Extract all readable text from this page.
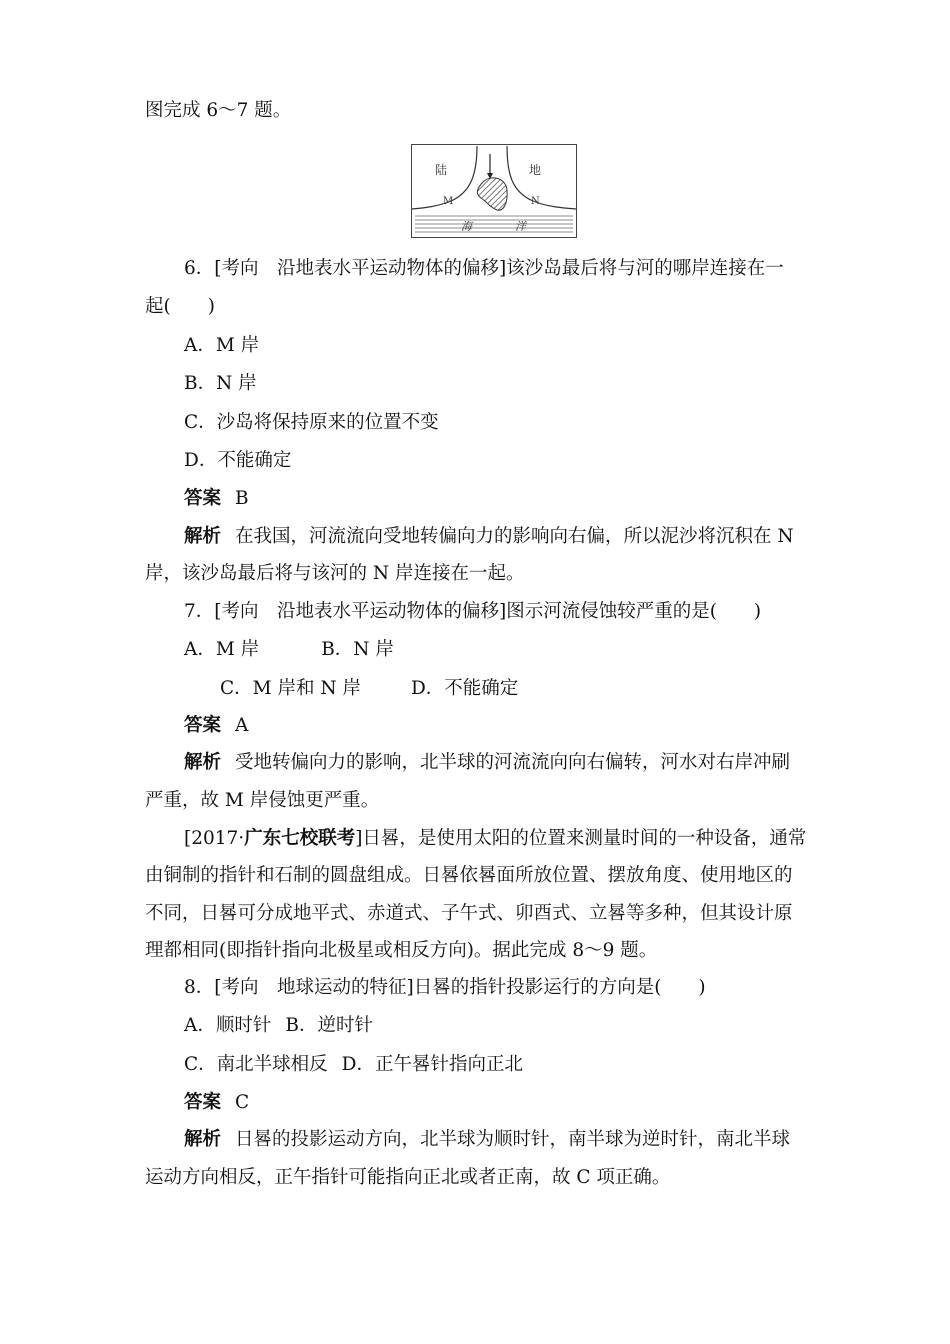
图完成 6～7 题。
陆	地
M	N
海	洋
6．[考向　沿地表水平运动物体的偏移]该沙岛最后将与河的哪岸连接在一
起(　　)
A．M 岸
B．N 岸
C．沙岛将保持原来的位置不变
D．不能确定
答案 B
解析 在我国，河流流向受地转偏向力的影响向右偏，所以泥沙将沉积在 N
岸，该沙岛最后将与该河的 N 岸连接在一起。
7．[考向　沿地表水平运动物体的偏移]图示河流侵蚀较严重的是(　　)
A．M 岸	B．N 岸
C．M 岸和 N 岸	D．不能确定
答案 A
解析 受地转偏向力的影响，北半球的河流流向向右偏转，河水对右岸冲刷
严重，故 M 岸侵蚀更严重。
[2017·广东七校联考]日晷，是使用太阳的位置来测量时间的一种设备，通常
由铜制的指针和石制的圆盘组成。日晷依晷面所放位置、摆放角度、使用地区的
不同，日晷可分成地平式、赤道式、子午式、卯酉式、立晷等多种，但其设计原
理都相同(即指针指向北极星或相反方向)。据此完成 8～9 题。
8．[考向　地球运动的特征]日晷的指针投影运行的方向是(　　)
A．顺时针 B．逆时针
C．南北半球相反 D．正午晷针指向正北
答案 C
解析 日晷的投影运动方向，北半球为顺时针，南半球为逆时针，南北半球
运动方向相反，正午指针可能指向正北或者正南，故 C 项正确。
